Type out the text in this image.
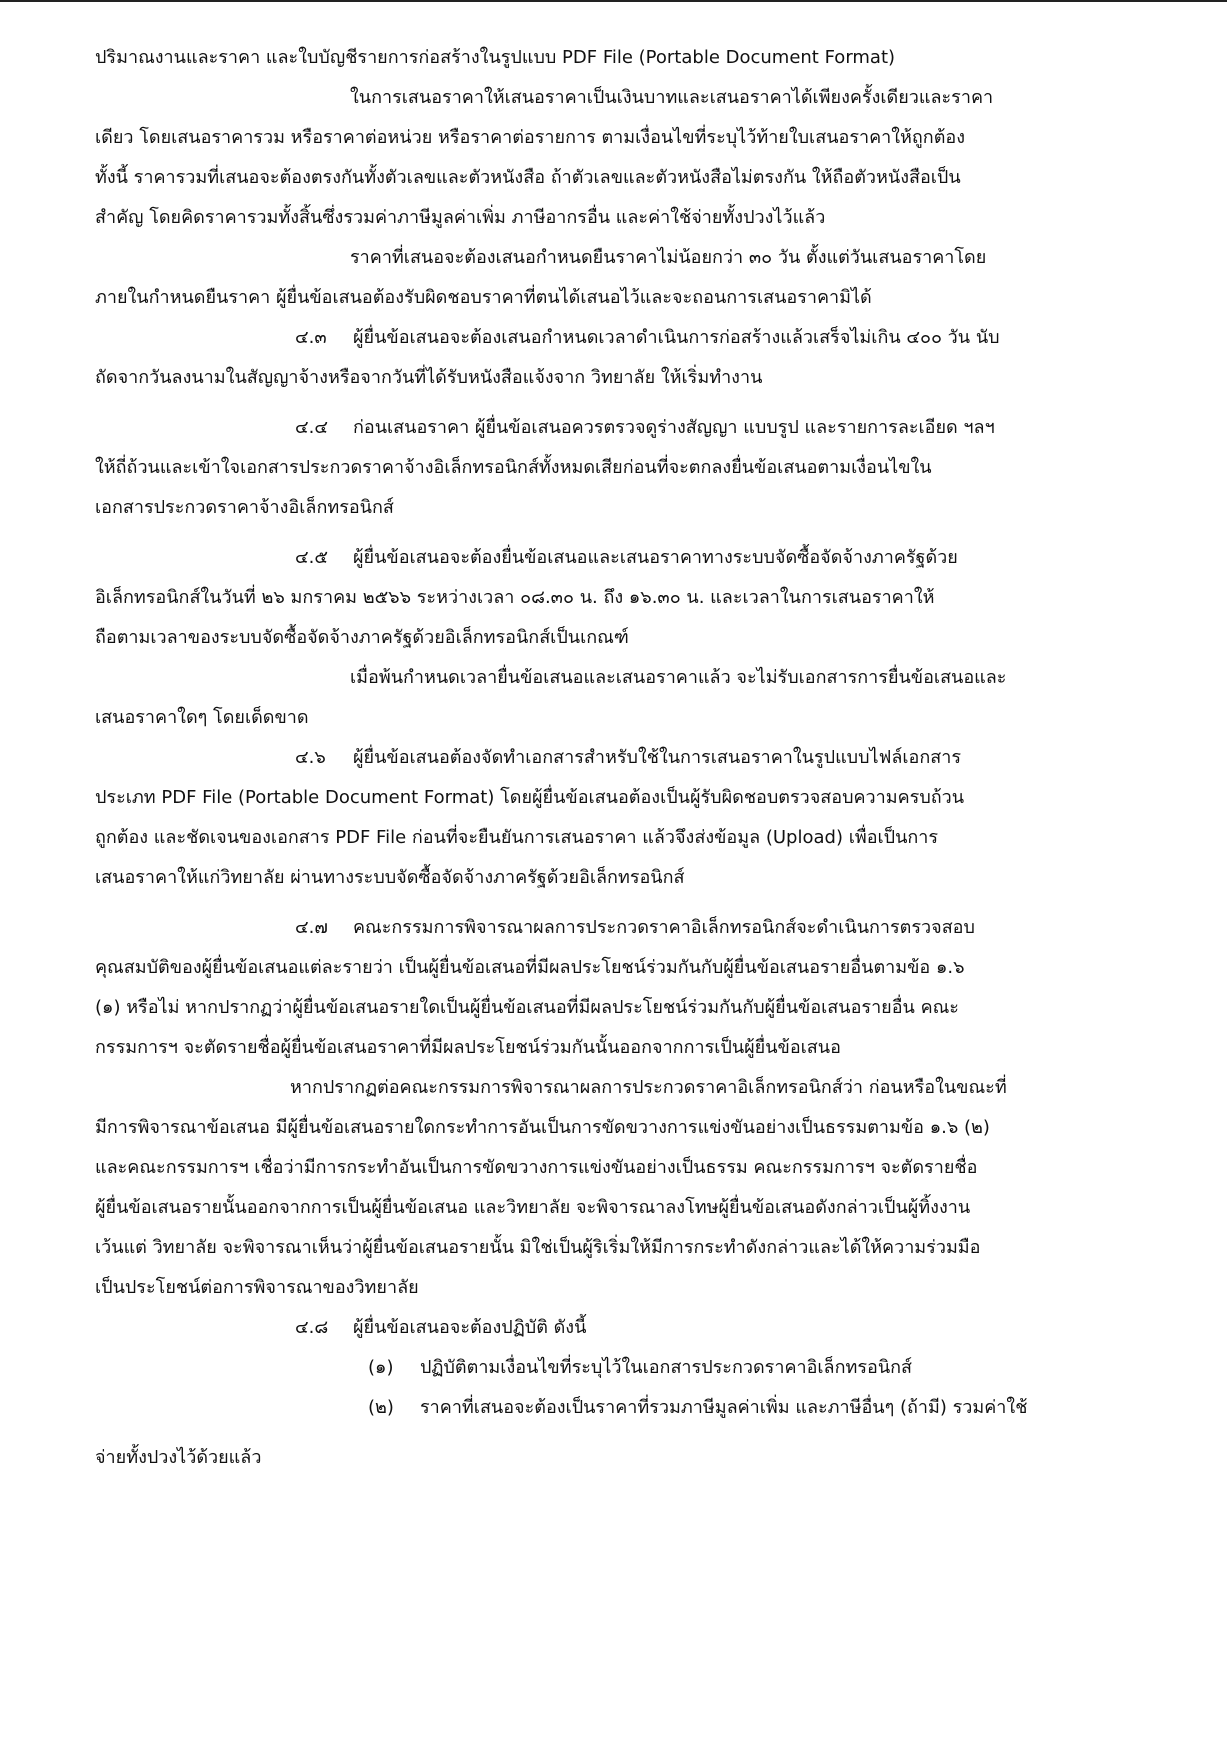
ปริมาณงานและราคา และใบบัญชีรายการก่อสร้างในรูปแบบ PDF File (Portable Document Format)
ในการเสนอราคาให้เสนอราคาเป็นเงินบาทและเสนอราคาได้เพียงครั้งเดียวและราคา
เดียว โดยเสนอราคารวม หรือราคาต่อหน่วย หรือราคาต่อรายการ ตามเงื่อนไขที่ระบุไว้ท้ายใบเสนอราคาให้ถูกต้อง
ทั้งนี้ ราคารวมที่เสนอจะต้องตรงกันทั้งตัวเลขและตัวหนังสือ ถ้าตัวเลขและตัวหนังสือไม่ตรงกัน ให้ถือตัวหนังสือเป็น
สำคัญ โดยคิดราคารวมทั้งสิ้นซึ่งรวมค่าภาษีมูลค่าเพิ่ม ภาษีอากรอื่น และค่าใช้จ่ายทั้งปวงไว้แล้ว
ราคาที่เสนอจะต้องเสนอกำหนดยืนราคาไม่น้อยกว่า ๓๐ วัน ตั้งแต่วันเสนอราคาโดย
ภายในกำหนดยืนราคา ผู้ยื่นข้อเสนอต้องรับผิดชอบราคาที่ตนได้เสนอไว้และจะถอนการเสนอราคามิได้
๔.๓ ผู้ยื่นข้อเสนอจะต้องเสนอกำหนดเวลาดำเนินการก่อสร้างแล้วเสร็จไม่เกิน ๔๐๐ วัน นับ
ถัดจากวันลงนามในสัญญาจ้างหรือจากวันที่ได้รับหนังสือแจ้งจาก วิทยาลัย ให้เริ่มทำงาน
๔.๔ ก่อนเสนอราคา ผู้ยื่นข้อเสนอควรตรวจดูร่างสัญญา แบบรูป และรายการละเอียด ฯลฯ
ให้ถี่ถ้วนและเข้าใจเอกสารประกวดราคาจ้างอิเล็กทรอนิกส์ทั้งหมดเสียก่อนที่จะตกลงยื่นข้อเสนอตามเงื่อนไขใน
เอกสารประกวดราคาจ้างอิเล็กทรอนิกส์
๔.๕ ผู้ยื่นข้อเสนอจะต้องยื่นข้อเสนอและเสนอราคาทางระบบจัดซื้อจัดจ้างภาครัฐด้วย
อิเล็กทรอนิกส์ในวันที่ ๒๖ มกราคม ๒๕๖๖ ระหว่างเวลา ๐๘.๓๐ น. ถึง ๑๖.๓๐ น. และเวลาในการเสนอราคาให้
ถือตามเวลาของระบบจัดซื้อจัดจ้างภาครัฐด้วยอิเล็กทรอนิกส์เป็นเกณฑ์
เมื่อพ้นกำหนดเวลายื่นข้อเสนอและเสนอราคาแล้ว จะไม่รับเอกสารการยื่นข้อเสนอและ
เสนอราคาใดๆ โดยเด็ดขาด
๔.๖ ผู้ยื่นข้อเสนอต้องจัดทำเอกสารสำหรับใช้ในการเสนอราคาในรูปแบบไฟล์เอกสาร
ประเภท PDF File (Portable Document Format) โดยผู้ยื่นข้อเสนอต้องเป็นผู้รับผิดชอบตรวจสอบความครบถ้วน
ถูกต้อง และชัดเจนของเอกสาร PDF File ก่อนที่จะยืนยันการเสนอราคา แล้วจึงส่งข้อมูล (Upload) เพื่อเป็นการ
เสนอราคาให้แก่วิทยาลัย ผ่านทางระบบจัดซื้อจัดจ้างภาครัฐด้วยอิเล็กทรอนิกส์
๔.๗ คณะกรรมการพิจารณาผลการประกวดราคาอิเล็กทรอนิกส์จะดำเนินการตรวจสอบ
คุณสมบัติของผู้ยื่นข้อเสนอแต่ละรายว่า เป็นผู้ยื่นข้อเสนอที่มีผลประโยชน์ร่วมกันกับผู้ยื่นข้อเสนอรายอื่นตามข้อ ๑.๖
(๑) หรือไม่ หากปรากฏว่าผู้ยื่นข้อเสนอรายใดเป็นผู้ยื่นข้อเสนอที่มีผลประโยชน์ร่วมกันกับผู้ยื่นข้อเสนอรายอื่น คณะ
กรรมการฯ จะตัดรายชื่อผู้ยื่นข้อเสนอราคาที่มีผลประโยชน์ร่วมกันนั้นออกจากการเป็นผู้ยื่นข้อเสนอ
หากปรากฏต่อคณะกรรมการพิจารณาผลการประกวดราคาอิเล็กทรอนิกส์ว่า ก่อนหรือในขณะที่
มีการพิจารณาข้อเสนอ มีผู้ยื่นข้อเสนอรายใดกระทำการอันเป็นการขัดขวางการแข่งขันอย่างเป็นธรรมตามข้อ ๑.๖ (๒)
และคณะกรรมการฯ เชื่อว่ามีการกระทำอันเป็นการขัดขวางการแข่งขันอย่างเป็นธรรม คณะกรรมการฯ จะตัดรายชื่อ
ผู้ยื่นข้อเสนอรายนั้นออกจากการเป็นผู้ยื่นข้อเสนอ และวิทยาลัย จะพิจารณาลงโทษผู้ยื่นข้อเสนอดังกล่าวเป็นผู้ทิ้งงาน
เว้นแต่ วิทยาลัย จะพิจารณาเห็นว่าผู้ยื่นข้อเสนอรายนั้น มิใช่เป็นผู้ริเริ่มให้มีการกระทำดังกล่าวและได้ให้ความร่วมมือ
เป็นประโยชน์ต่อการพิจารณาของวิทยาลัย
๔.๘ ผู้ยื่นข้อเสนอจะต้องปฏิบัติ ดังนี้
(๑) ปฏิบัติตามเงื่อนไขที่ระบุไว้ในเอกสารประกวดราคาอิเล็กทรอนิกส์
(๒) ราคาที่เสนอจะต้องเป็นราคาที่รวมภาษีมูลค่าเพิ่ม และภาษีอื่นๆ (ถ้ามี) รวมค่าใช้
จ่ายทั้งปวงไว้ด้วยแล้ว
